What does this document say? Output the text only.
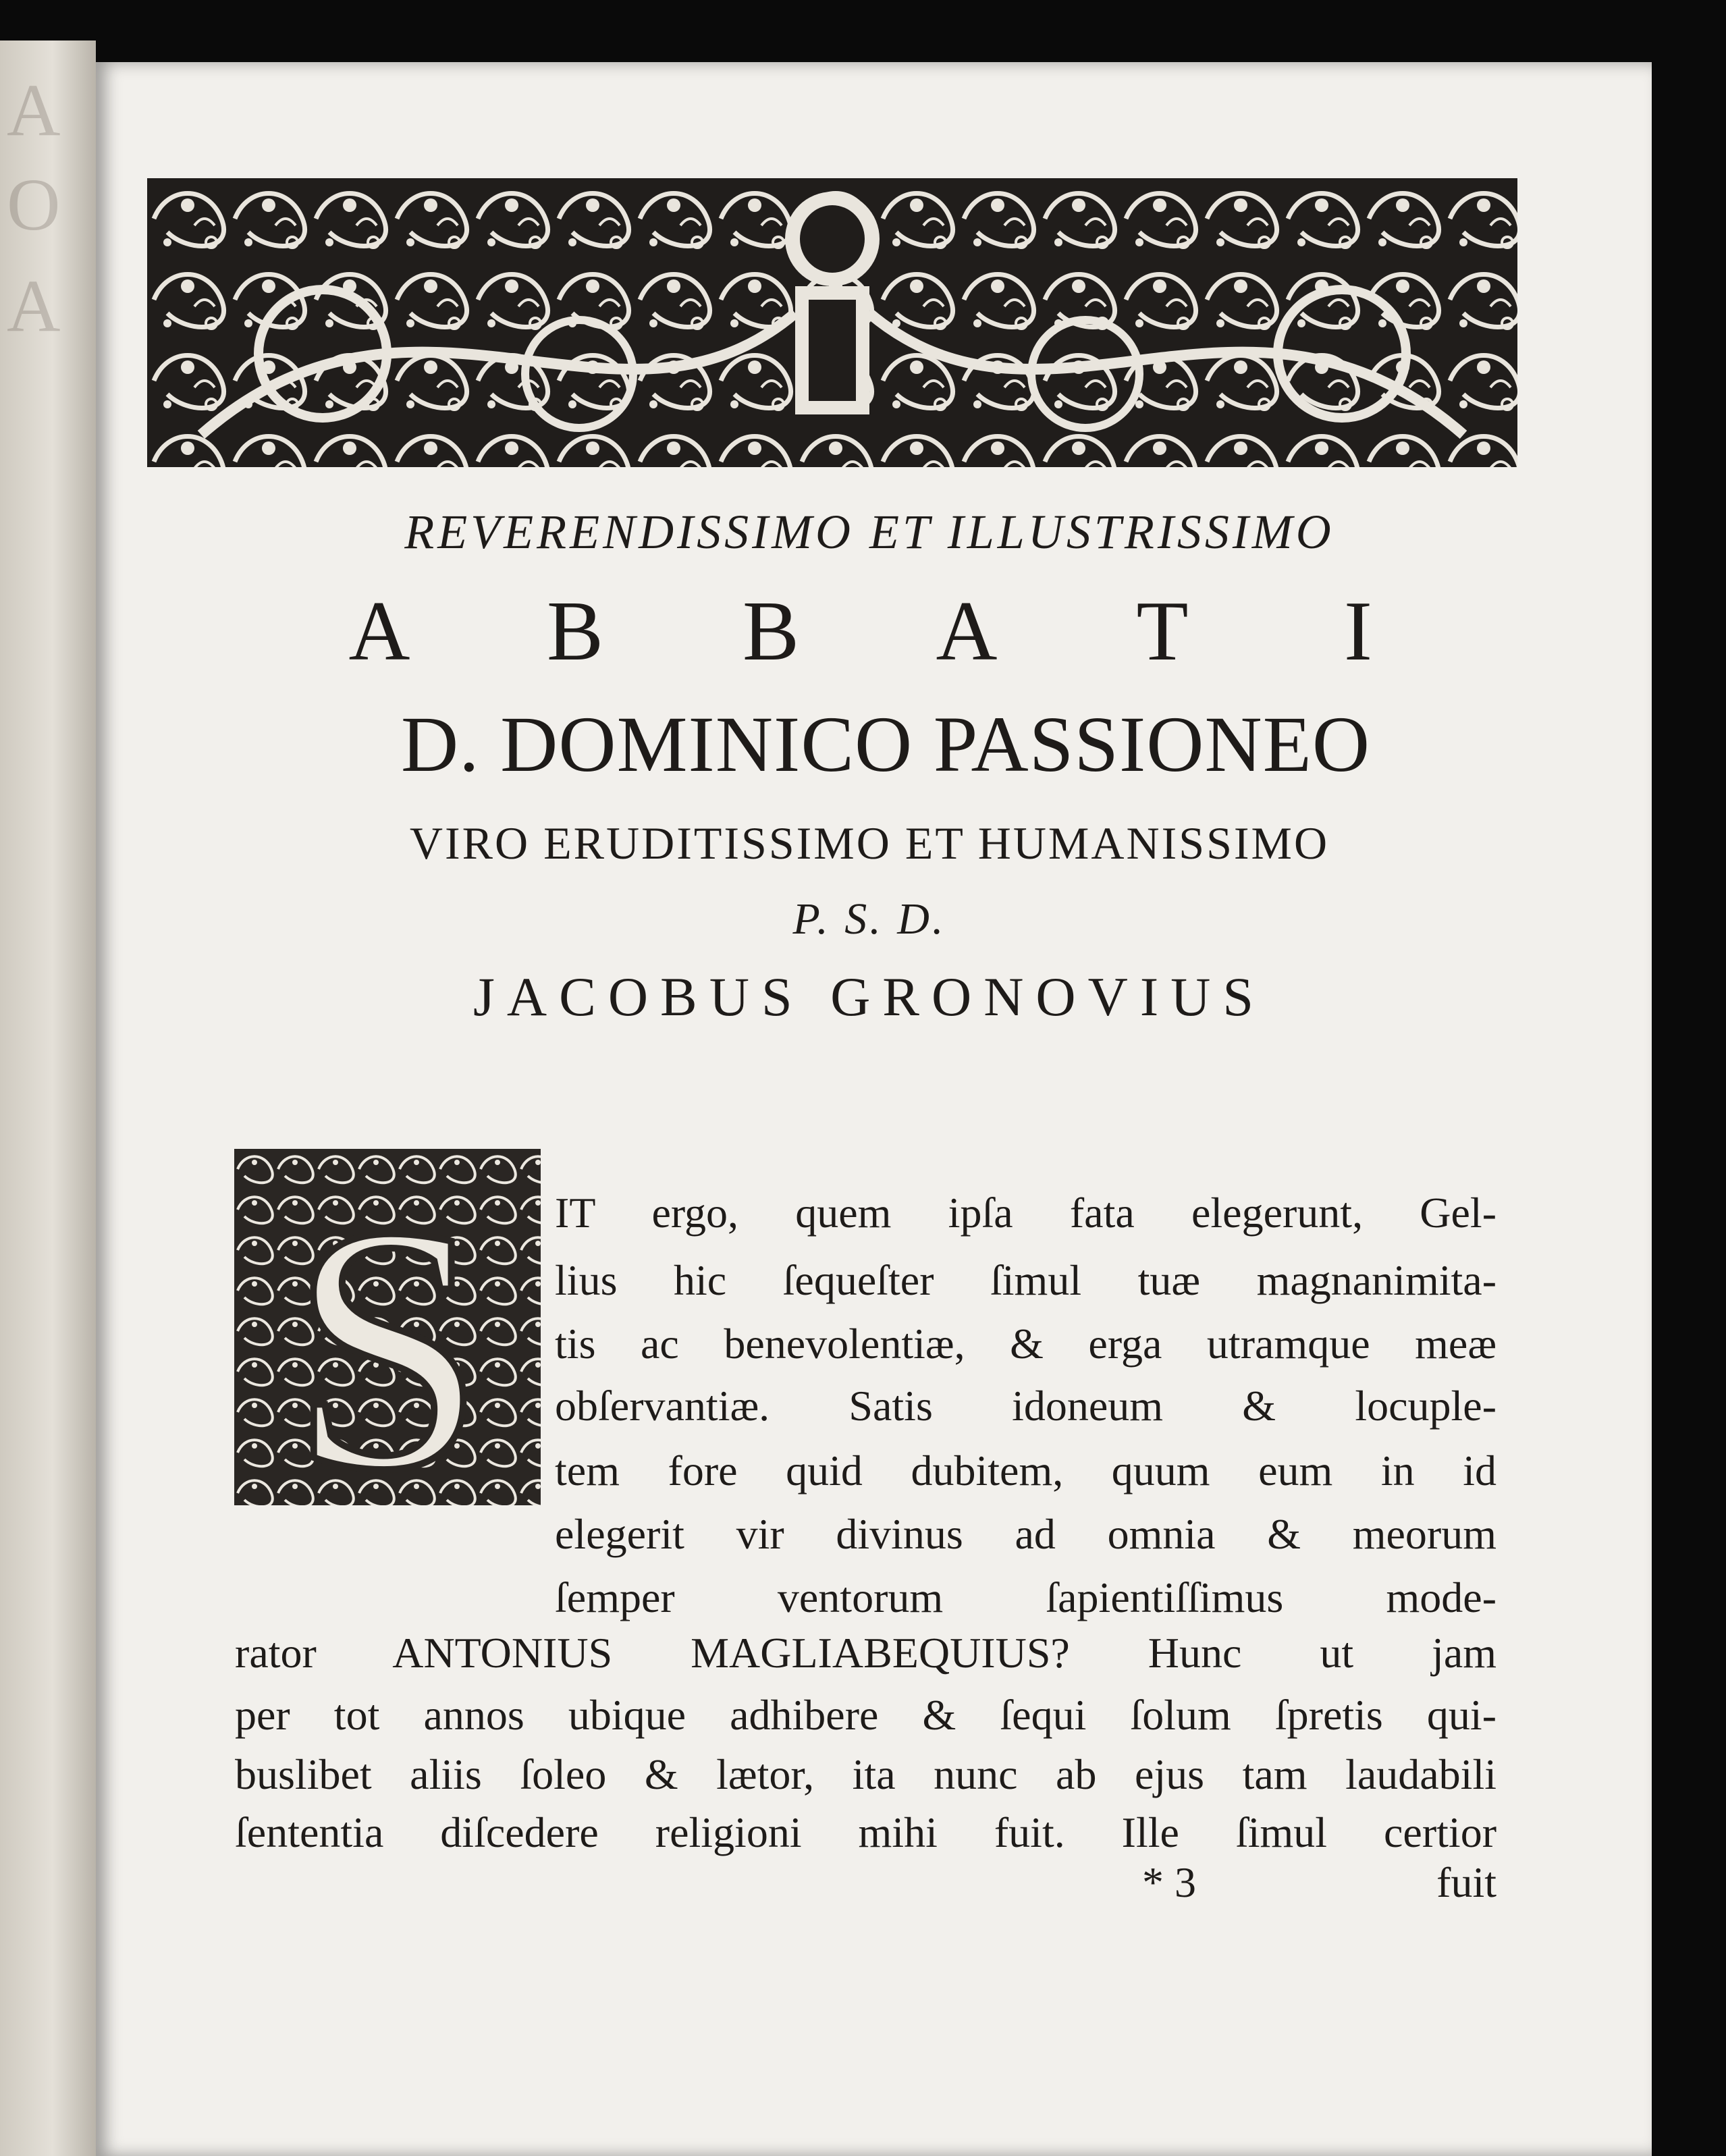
A
O
A
REVERENDISSIMO ET ILLUSTRISSIMO
A B B A T I
D. DOMINICO PASSIONEO
VIRO ERUDITISSIMO ET HUMANISSIMO
P. S. D.
JACOBUS GRONOVIUS
S IT ergo, quem ipſa fata elegerunt, Gel-
lius hic ſequeſter ſimul tuæ magnanimita-
tis ac benevolentiæ, & erga utramque meæ
obſervantiæ. Satis idoneum & locuple-
tem fore quid dubitem, quum eum in id
elegerit vir divinus ad omnia & meorum
ſemper ventorum ſapientiſſimus mode-
rator ANTONIUS MAGLIABEQUIUS? Hunc ut jam
per tot annos ubique adhibere & ſequi ſolum ſpretis qui-
buslibet aliis ſoleo & lætor, ita nunc ab ejus tam laudabili
ſententia diſcedere religioni mihi fuit. Ille ſimul certior
* 3	fuit
